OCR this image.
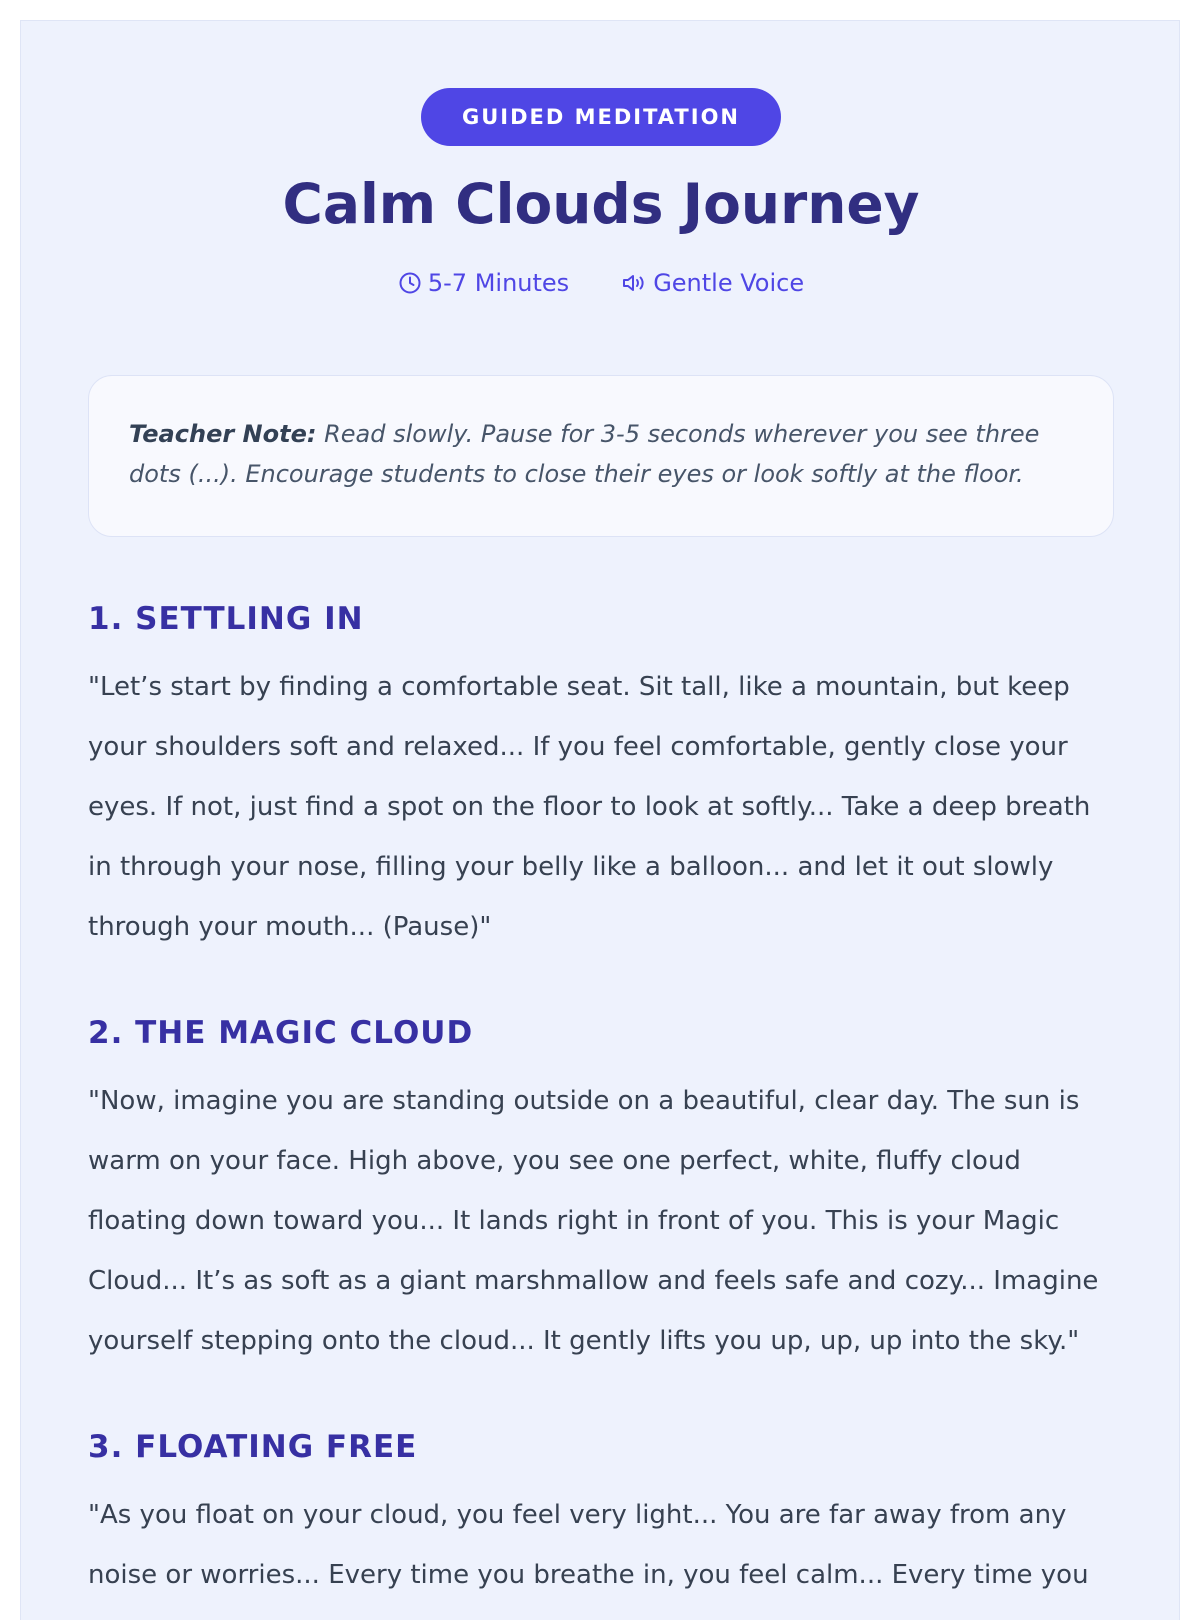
GUIDED MEDITATION
Calm Clouds Journey
5-7 Minutes	Gentle Voice
Teacher Note: Read slowly. Pause for 3-5 seconds wherever you see three dots (...). Encourage students to close their eyes or look softly at the floor.
1. SETTLING IN

"Let’s start by finding a comfortable seat. Sit tall, like a mountain, but keep your shoulders soft and relaxed... If you feel comfortable, gently close your eyes. If not, just find a spot on the floor to look at softly... Take a deep breath in through your nose, filling your belly like a balloon... and let it out slowly through your mouth... (Pause)"

2. THE MAGIC CLOUD

"Now, imagine you are standing outside on a beautiful, clear day. The sun is warm on your face. High above, you see one perfect, white, fluffy cloud floating down toward you... It lands right in front of you. This is your Magic Cloud... It’s as soft as a giant marshmallow and feels safe and cozy... Imagine yourself stepping onto the cloud... It gently lifts you up, up, up into the sky."

3. FLOATING FREE

"As you float on your cloud, you feel very light... You are far away from any noise or worries... Every time you breathe in, you feel calm... Every time you
